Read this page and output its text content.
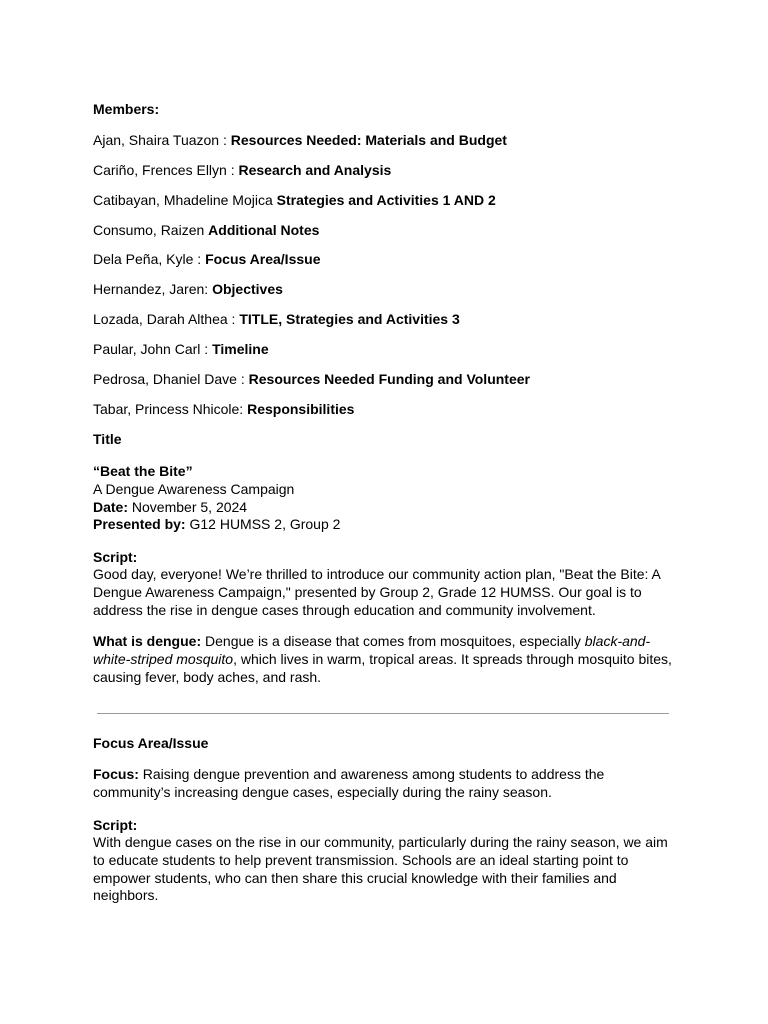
Members:
Ajan, Shaira Tuazon : Resources Needed: Materials and Budget
Cariño, Frences Ellyn : Research and Analysis
Catibayan, Mhadeline Mojica Strategies and Activities 1 AND 2
Consumo, Raizen Additional Notes
Dela Peña, Kyle : Focus Area/Issue
Hernandez, Jaren: Objectives
Lozada, Darah Althea : TITLE, Strategies and Activities 3
Paular, John Carl : Timeline
Pedrosa, Dhaniel Dave : Resources Needed Funding and Volunteer
Tabar, Princess Nhicole: Responsibilities
Title
“Beat the Bite”
A Dengue Awareness Campaign
Date: November 5, 2024
Presented by: G12 HUMSS 2, Group 2
Script:
Good day, everyone! We’re thrilled to introduce our community action plan, "Beat the Bite: A Dengue Awareness Campaign," presented by Group 2, Grade 12 HUMSS. Our goal is to address the rise in dengue cases through education and community involvement.
What is dengue: Dengue is a disease that comes from mosquitoes, especially black-and-white-striped mosquito, which lives in warm, tropical areas. It spreads through mosquito bites, causing fever, body aches, and rash.
Focus Area/Issue
Focus: Raising dengue prevention and awareness among students to address the community’s increasing dengue cases, especially during the rainy season.
Script:
With dengue cases on the rise in our community, particularly during the rainy season, we aim to educate students to help prevent transmission. Schools are an ideal starting point to empower students, who can then share this crucial knowledge with their families and neighbors.
